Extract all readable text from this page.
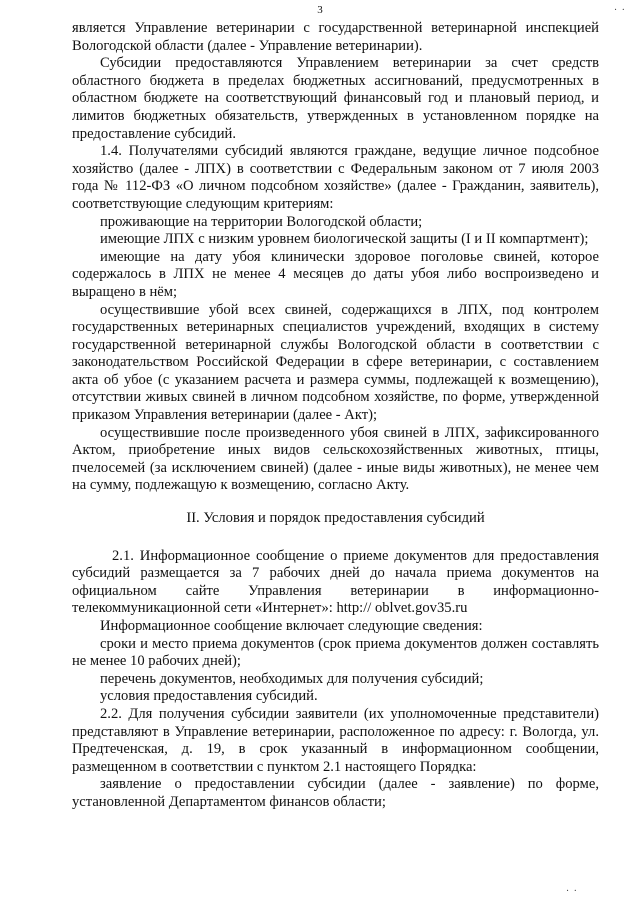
3	· ·
· ·

является Управление ветеринарии с государственной ветеринарной инспекцией Вологодской области (далее - Управление ветеринарии).

Субсидии предоставляются Управлением ветеринарии за счет средств областного бюджета в пределах бюджетных ассигнований, предусмотренных в областном бюджете на соответствующий финансовый год и плановый период, и лимитов бюджетных обязательств, утвержденных в установленном порядке на предоставление субсидий.

1.4. Получателями субсидий являются граждане, ведущие личное подсобное хозяйство (далее - ЛПХ) в соответствии с Федеральным законом от 7 июля 2003 года № 112-ФЗ «О личном подсобном хозяйстве» (далее - Гражданин, заявитель), соответствующие следующим критериям:

проживающие на территории Вологодской области;

имеющие ЛПХ с низким уровнем биологической защиты (I и II компартмент);

имеющие на дату убоя клинически здоровое поголовье свиней, которое содержалось в ЛПХ не менее 4 месяцев до даты убоя либо воспроизведено и выращено в нём;

осуществившие убой всех свиней, содержащихся в ЛПХ, под контролем государственных ветеринарных специалистов учреждений, входящих в систему государственной ветеринарной службы Вологодской области в соответствии с законодательством Российской Федерации в сфере ветеринарии, с составлением акта об убое (с указанием расчета и размера суммы, подлежащей к возмещению), отсутствии живых свиней в личном подсобном хозяйстве, по форме, утвержденной приказом Управления ветеринарии (далее - Акт);

осуществившие после произведенного убоя свиней в ЛПХ, зафиксированного Актом, приобретение иных видов сельскохозяйственных животных, птицы, пчелосемей (за исключением свиней) (далее - иные виды животных), не менее чем на сумму, подлежащую к возмещению, согласно Акту.

II. Условия и порядок предоставления субсидий

2.1. Информационное сообщение о приеме документов для предоставления субсидий размещается за 7 рабочих дней до начала приема документов на официальном сайте Управления ветеринарии в информационно-телекоммуникационной сети «Интернет»: http:// oblvet.gov35.ru

Информационное сообщение включает следующие сведения:

сроки и место приема документов (срок приема документов должен составлять не менее 10 рабочих дней);

перечень документов, необходимых для получения субсидий;

условия предоставления субсидий.

2.2. Для получения субсидии заявители (их уполномоченные представители) представляют в Управление ветеринарии, расположенное по адресу: г. Вологда, ул. Предтеченская, д. 19, в срок указанный в информационном сообщении, размещенном в соответствии с пунктом 2.1 настоящего Порядка:

заявление о предоставлении субсидии (далее - заявление) по форме, установленной Департаментом финансов области;
